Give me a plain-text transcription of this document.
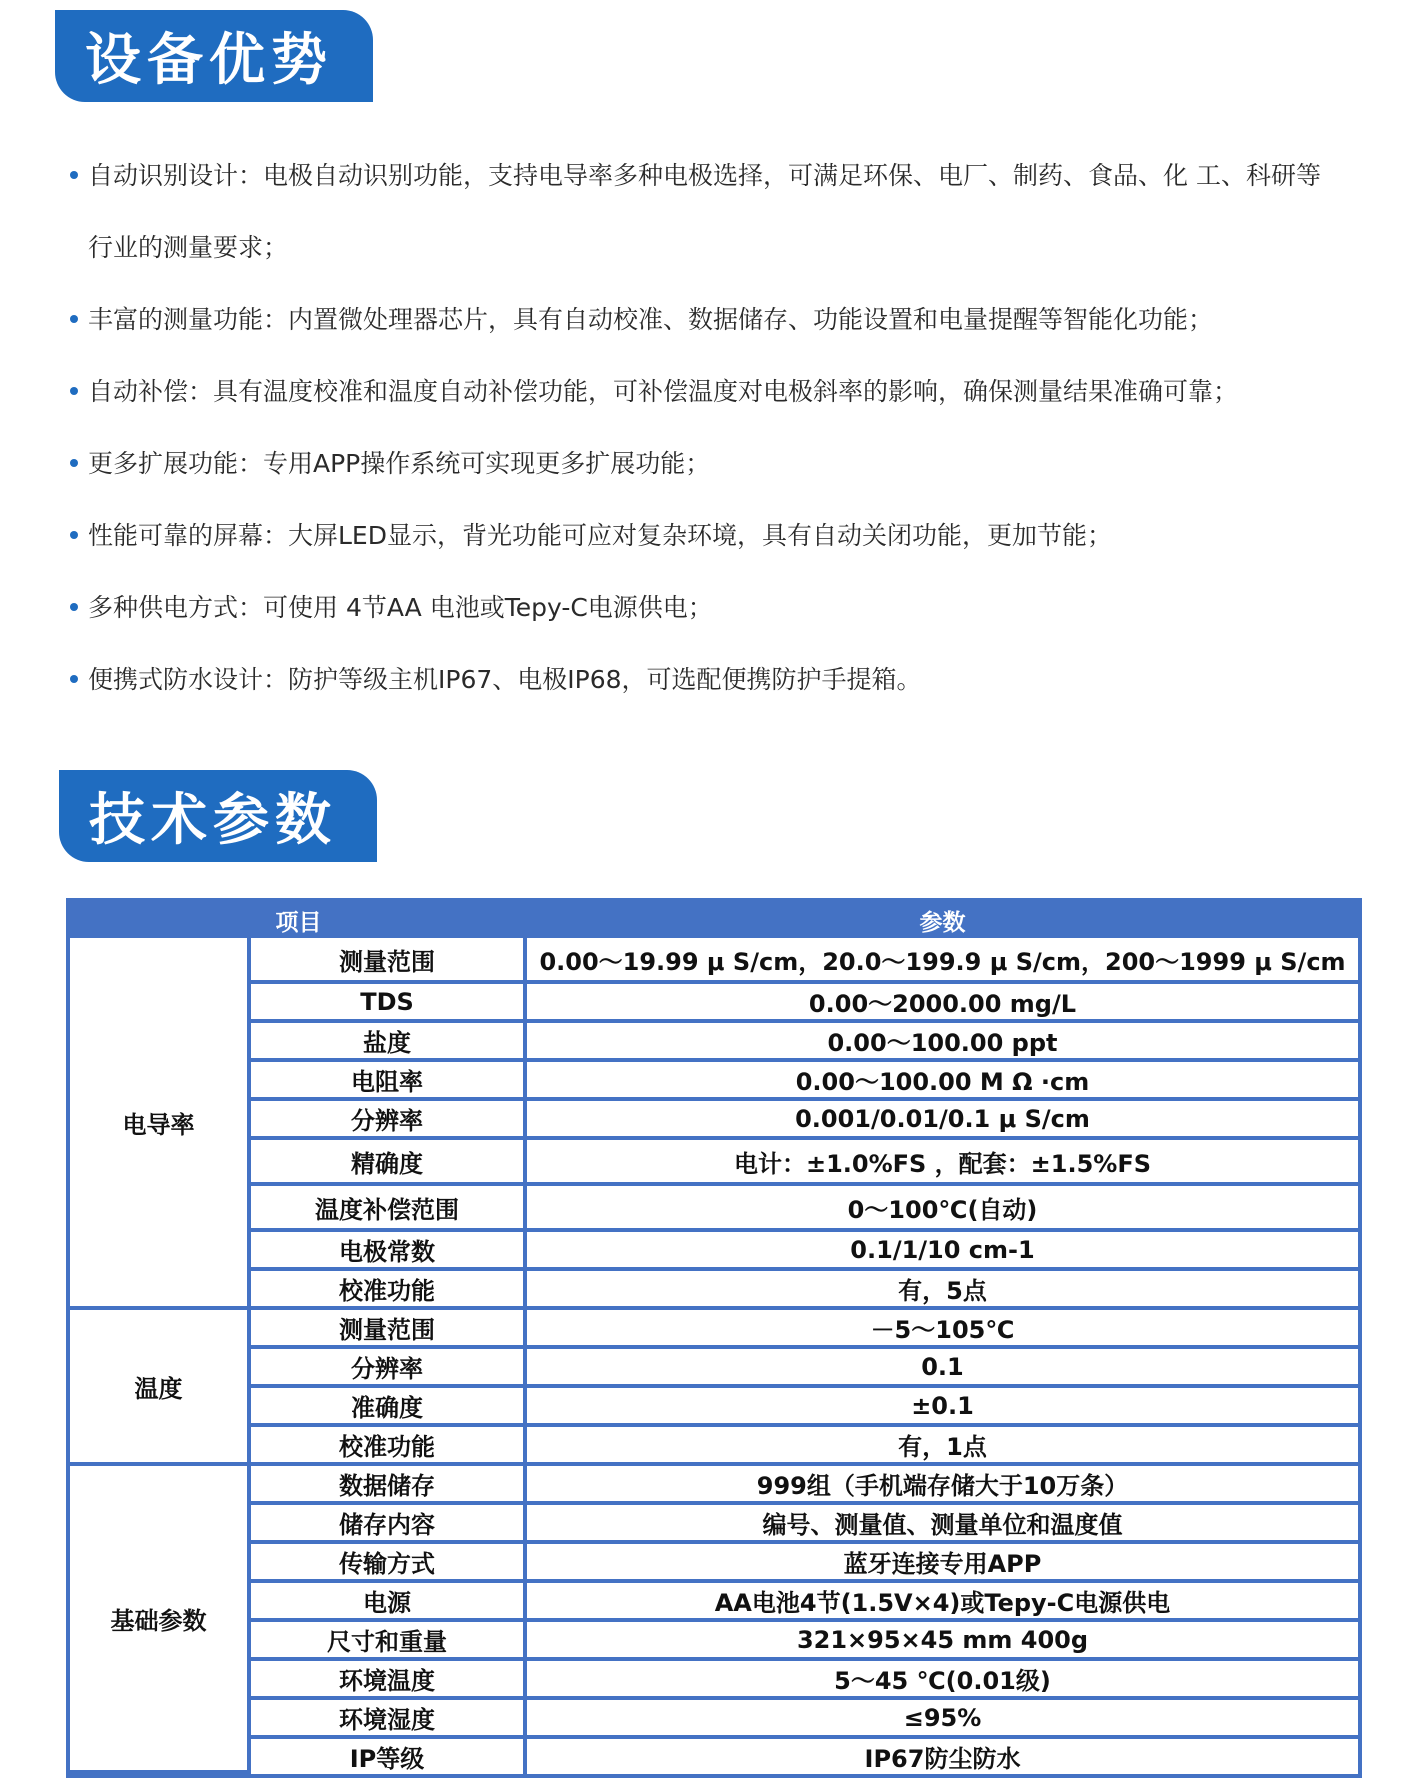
设备优势
自动识别设计：电极自动识别功能，支持电导率多种电极选择，可满足环保、电厂、制药、食品、化 工、科研等
行业的测量要求；
丰富的测量功能：内置微处理器芯片，具有自动校准、数据储存、功能设置和电量提醒等智能化功能；
自动补偿：具有温度校准和温度自动补偿功能，可补偿温度对电极斜率的影响，确保测量结果准确可靠；
更多扩展功能：专用APP操作系统可实现更多扩展功能；
性能可靠的屏幕：大屏LED显示，背光功能可应对复杂环境，具有自动关闭功能，更加节能；
多种供电方式：可使用 4节AA 电池或Tepy-C电源供电；
便携式防水设计：防护等级主机IP67、电极IP68，可选配便携防护手提箱。
技术参数
项目		参数
电导率	测量范围	0.00～19.99 μ S/cm，20.0～199.9 μ S/cm，200～1999 μ S/cm
	TDS	0.00～2000.00 mg/L
	盐度	0.00～100.00 ppt
	电阻率	0.00～100.00 M Ω ·cm
	分辨率	0.001/0.01/0.1 μ S/cm
	精确度	电计：±1.0%FS ，配套：±1.5%FS
	温度补偿范围	0～100℃(自动)
	电极常数	0.1/1/10 cm-1
	校准功能	有，5点
温度	测量范围	－5～105℃
	分辨率	0.1
	准确度	±0.1
	校准功能	有，1点
基础参数	数据储存	999组（手机端存储大于10万条）
	储存内容	编号、测量值、测量单位和温度值
	传输方式	蓝牙连接专用APP
	电源	AA电池4节(1.5V×4)或Tepy-C电源供电
	尺寸和重量	321×95×45 mm 400g
	环境温度	5～45 ℃(0.01级)
	环境湿度	≤95%
	IP等级	IP67防尘防水
